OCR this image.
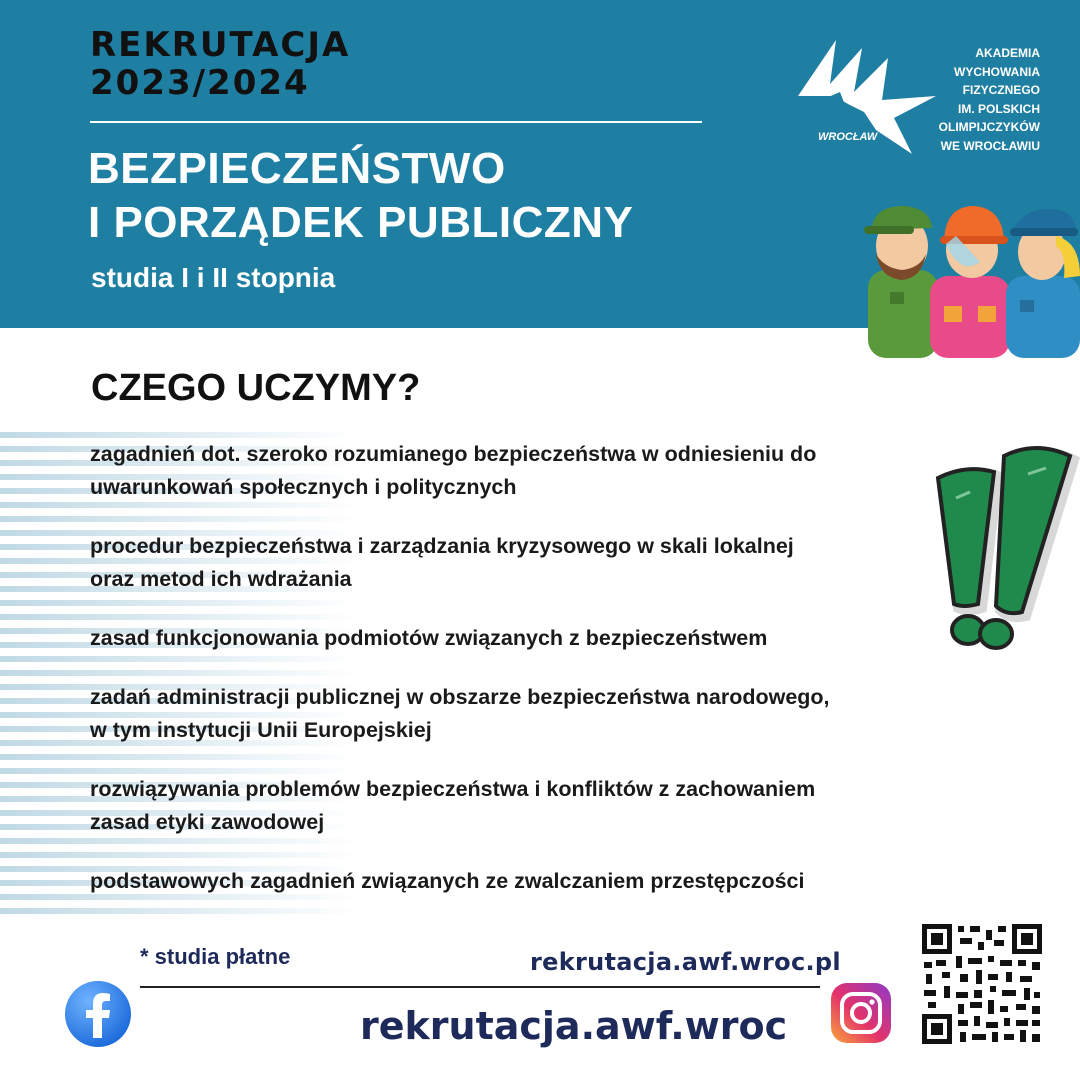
REKRUTACJA
2023/2024
BEZPIECZEŃSTWO
I PORZĄDEK PUBLICZNY
studia I i II stopnia
WROCŁAW
AKADEMIA
WYCHOWANIA
FIZYCZNEGO
IM. POLSKICH
OLIMPIJCZYKÓW
WE WROCŁAWIU
CZEGO UCZYMY?
zagadnień dot. szeroko rozumianego bezpieczeństwa w odniesieniu do
uwarunkowań społecznych i politycznych
procedur bezpieczeństwa i zarządzania kryzysowego w skali lokalnej
oraz metod ich wdrażania
zasad funkcjonowania podmiotów związanych z bezpieczeństwem
zadań administracji publicznej w obszarze bezpieczeństwa narodowego,
w tym instytucji Unii Europejskiej
rozwiązywania problemów bezpieczeństwa i konfliktów z zachowaniem
zasad etyki zawodowej
podstawowych zagadnień związanych ze zwalczaniem przestępczości
* studia płatne	rekrutacja.awf.wroc.pl
rekrutacja.awf.wroc
